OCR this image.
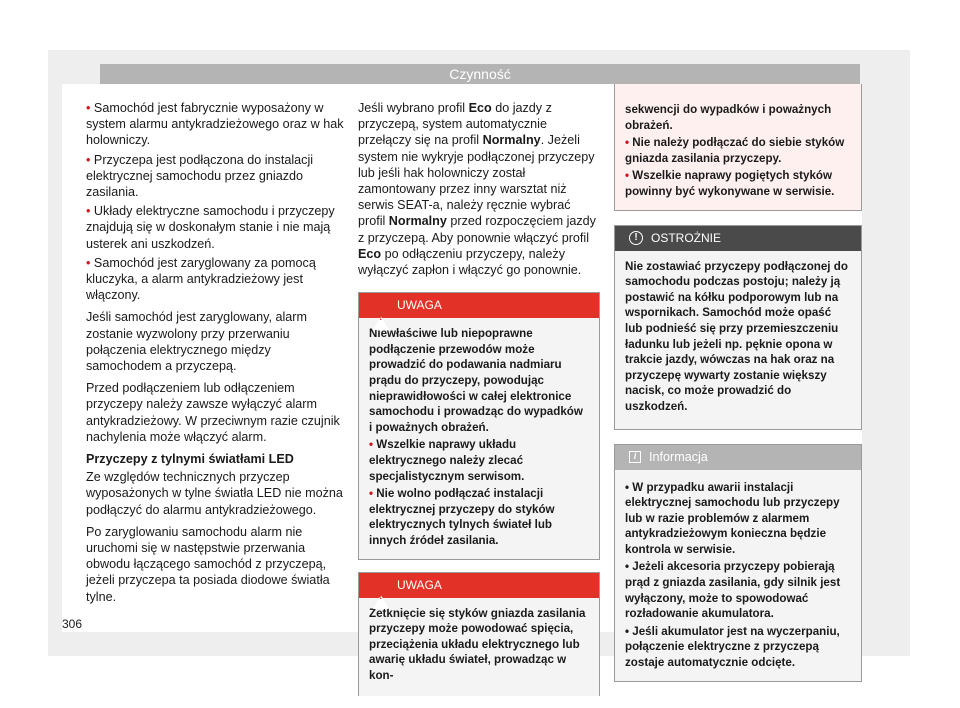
Czynność

• Samochód jest fabrycznie wyposażony w system alarmu antykradzieżowego oraz w hak holowniczy.

• Przyczepa jest podłączona do instalacji elektrycznej samochodu przez gniazdo zasilania.

• Układy elektryczne samochodu i przyczepy znajdują się w doskonałym stanie i nie mają usterek ani uszkodzeń.

• Samochód jest zaryglowany za pomocą kluczyka, a alarm antykradzieżowy jest włączony.

Jeśli samochód jest zaryglowany, alarm zostanie wyzwolony przy przerwaniu połączenia elektrycznego między samochodem a przyczepą.

Przed podłączeniem lub odłączeniem przyczepy należy zawsze wyłączyć alarm antykradzieżowy. W przeciwnym razie czujnik nachylenia może włączyć alarm.

Przyczepy z tylnymi światłami LED

Ze względów technicznych przyczep wyposażonych w tylne światła LED nie można podłączyć do alarmu antykradzieżowego.

Po zaryglowaniu samochodu alarm nie uruchomi się w następstwie przerwania obwodu łączącego samochód z przyczepą, jeżeli przyczepa ta posiada diodowe światła tylne.

Jeśli wybrano profil Eco do jazdy z przyczepą, system automatycznie przełączy się na profil Normalny. Jeżeli system nie wykryje podłączonej przyczepy lub jeśli hak holowniczy został zamontowany przez inny warsztat niż serwis SEAT-a, należy ręcznie wybrać profil Normalny przed rozpoczęciem jazdy z przyczepą. Aby ponownie włączyć profil Eco po odłączeniu przyczepy, należy wyłączyć zapłon i włączyć go ponownie.

!
UWAGA

Niewłaściwe lub niepoprawne podłączenie przewodów może prowadzić do podawania nadmiaru prądu do przyczepy, powodując nieprawidłowości w całej elektronice samochodu i prowadząc do wypadków i poważnych obrażeń.

• Wszelkie naprawy układu elektrycznego należy zlecać specjalistycznym serwisom.

• Nie wolno podłączać instalacji elektrycznej przyczepy do styków elektrycznych tylnych świateł lub innych źródeł zasilania.

!
UWAGA

Zetknięcie się styków gniazda zasilania przyczepy może powodować spięcia, przeciążenia układu elektrycznego lub awarię układu świateł, prowadząc w kon-

sekwencji do wypadków i poważnych obrażeń.

• Nie należy podłączać do siebie styków gniazda zasilania przyczepy.

• Wszelkie naprawy pogiętych styków powinny być wykonywane w serwisie.

!	OSTROŻNIE

Nie zostawiać przyczepy podłączonej do samochodu podczas postoju; należy ją postawić na kółku podporowym lub na wspornikach. Samochód może opaść lub podnieść się przy przemieszczeniu ładunku lub jeżeli np. pęknie opona w trakcie jazdy, wówczas na hak oraz na przyczepę wywarty zostanie większy nacisk, co może prowadzić do uszkodzeń.

i	Informacja

• W przypadku awarii instalacji elektrycznej samochodu lub przyczepy lub w razie problemów z alarmem antykradzieżowym konieczna będzie kontrola w serwisie.

• Jeżeli akcesoria przyczepy pobierają prąd z gniazda zasilania, gdy silnik jest wyłączony, może to spowodować rozładowanie akumulatora.

• Jeśli akumulator jest na wyczerpaniu, połączenie elektryczne z przyczepą zostaje automatycznie odcięte.

306
